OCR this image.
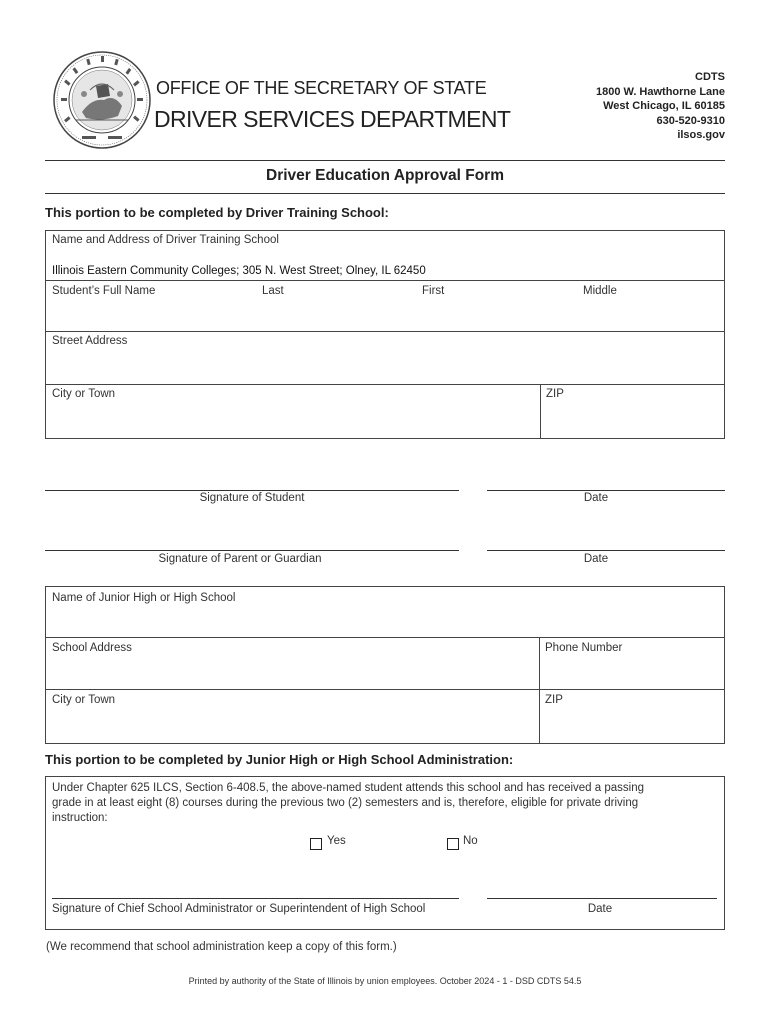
OFFICE OF THE SECRETARY OF STATE
DRIVER SERVICES DEPARTMENT
CDTS
1800 W. Hawthorne Lane
West Chicago, IL 60185
630-520-9310
ilsos.gov
Driver Education Approval Form
This portion to be completed by Driver Training School:
Name and Address of Driver Training School
Illinois Eastern Community Colleges; 305 N. West Street; Olney, IL 62450
Student’s Full Name	Last	First	Middle
Street Address
City or Town	ZIP
Signature of Student	Date
Signature of Parent or Guardian	Date
Name of Junior High or High School
School Address	Phone Number
City or Town	ZIP
This portion to be completed by Junior High or High School Administration:
Under Chapter 625 ILCS, Section 6-408.5, the above-named student attends this school and has received a passing
grade in at least eight (8) courses during the previous two (2) semesters and is, therefore, eligible for private driving
instruction:
Yes	No
Signature of Chief School Administrator or Superintendent of High School	Date
(We recommend that school administration keep a copy of this form.)
Printed by authority of the State of Illinois by union employees. October 2024 - 1 - DSD CDTS 54.5
